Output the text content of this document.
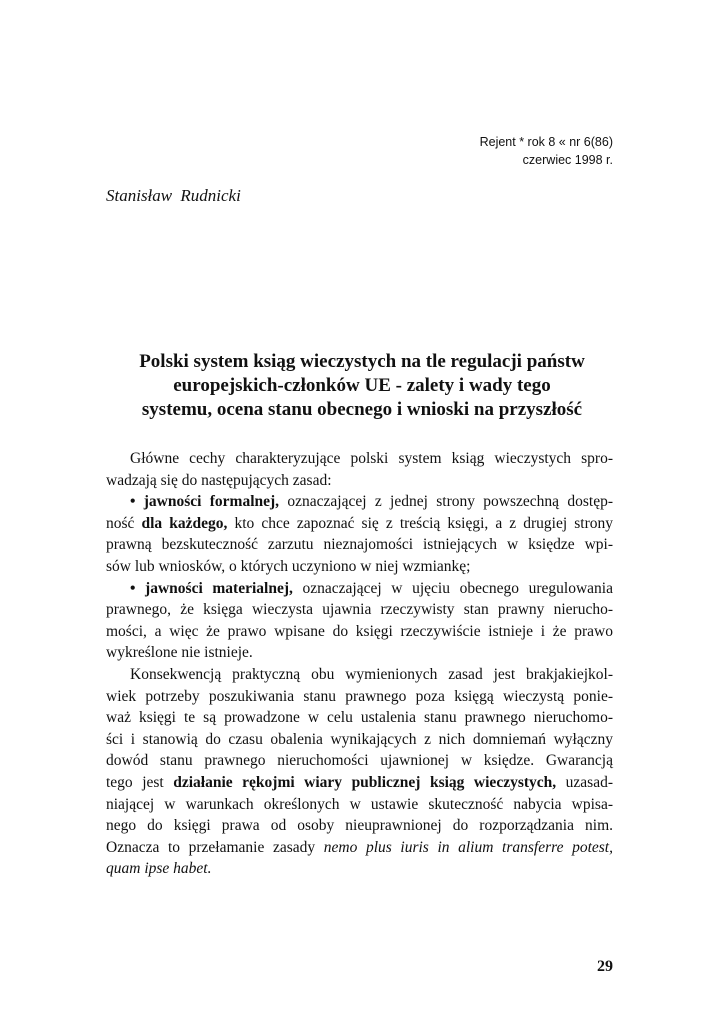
Rejent * rok 8 « nr 6(86)
czerwiec 1998 r.
Stanisław Rudnicki
Polski system ksiąg wieczystych na tle regulacji państw
europejskich-członków UE - zalety i wady tego
systemu, ocena stanu obecnego i wnioski na przyszłość
Główne cechy charakteryzujące polski system ksiąg wieczystych spro-
wadzają się do następujących zasad:
• jawności formalnej, oznaczającej z jednej strony powszechną dostęp-
ność dla każdego, kto chce zapoznać się z treścią księgi, a z drugiej strony
prawną bezskuteczność zarzutu nieznajomości istniejących w księdze wpi-
sów lub wniosków, o których uczyniono w niej wzmiankę;
• jawności materialnej, oznaczającej w ujęciu obecnego uregulowania
prawnego, że księga wieczysta ujawnia rzeczywisty stan prawny nierucho-
mości, a więc że prawo wpisane do księgi rzeczywiście istnieje i że prawo
wykreślone nie istnieje.
Konsekwencją praktyczną obu wymienionych zasad jest brakjakiejkol-
wiek potrzeby poszukiwania stanu prawnego poza księgą wieczystą ponie-
waż księgi te są prowadzone w celu ustalenia stanu prawnego nieruchomo-
ści i stanowią do czasu obalenia wynikających z nich domniemań wyłączny
dowód stanu prawnego nieruchomości ujawnionej w księdze. Gwarancją
tego jest działanie rękojmi wiary publicznej ksiąg wieczystych, uzasad-
niającej w warunkach określonych w ustawie skuteczność nabycia wpisa-
nego do księgi prawa od osoby nieuprawnionej do rozporządzania nim.
Oznacza to przełamanie zasady nemo plus iuris in alium transferre potest,
quam ipse habet.
29
